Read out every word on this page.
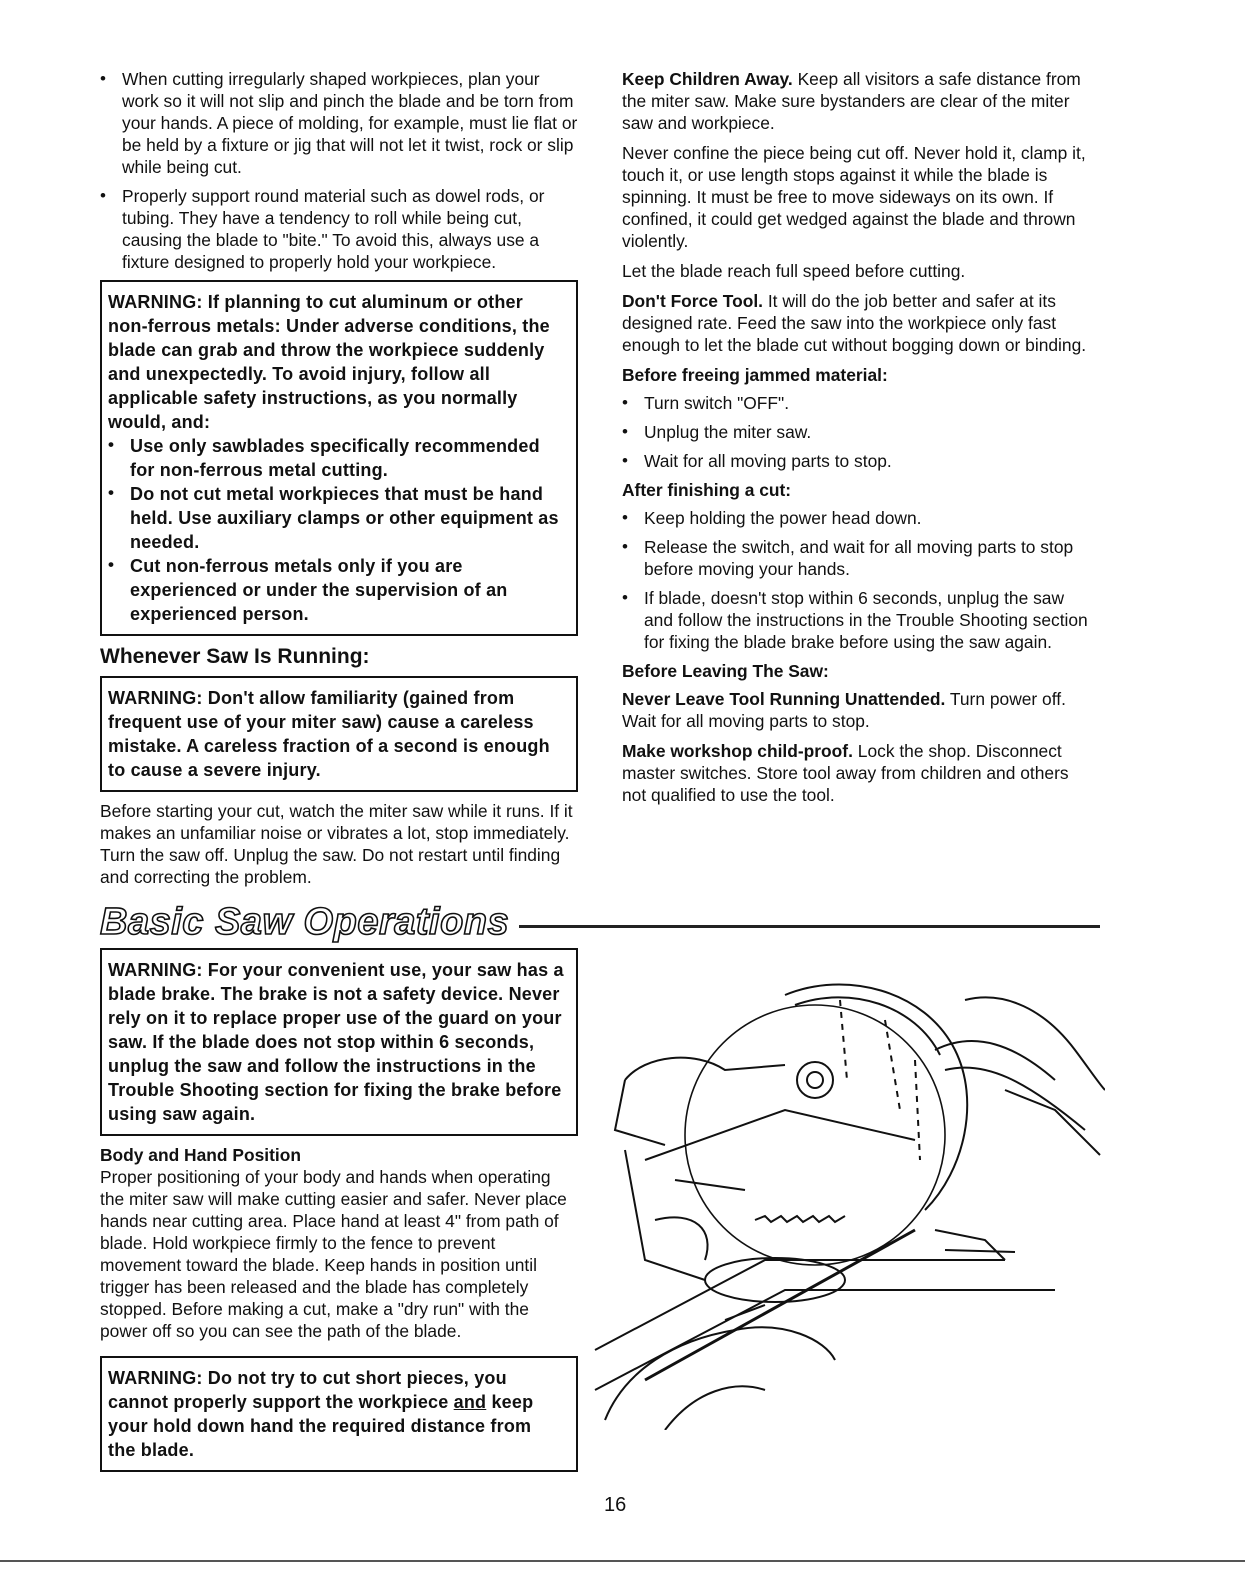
• When cutting irregularly shaped workpieces, plan your work so it will not slip and pinch the blade and be torn from your hands. A piece of molding, for example, must lie flat or be held by a fixture or jig that will not let it twist, rock or slip while being cut.
• Properly support round material such as dowel rods, or tubing. They have a tendency to roll while being cut, causing the blade to "bite." To avoid this, always use a fixture designed to properly hold your workpiece.

WARNING: If planning to cut aluminum or other non-ferrous metals: Under adverse conditions, the blade can grab and throw the workpiece suddenly and unexpectedly. To avoid injury, follow all applicable safety instructions, as you normally would, and:

• Use only sawblades specifically recommended for non-ferrous metal cutting.
• Do not cut metal workpieces that must be hand held. Use auxiliary clamps or other equipment as needed.
• Cut non-ferrous metals only if you are experienced or under the supervision of an experienced person.
Whenever Saw Is Running:

WARNING: Don't allow familiarity (gained from frequent use of your miter saw) cause a careless mistake. A careless fraction of a second is enough to cause a severe injury.

Before starting your cut, watch the miter saw while it runs. If it makes an unfamiliar noise or vibrates a lot, stop immediately. Turn the saw off. Unplug the saw. Do not restart until finding and correcting the problem.

Keep Children Away. Keep all visitors a safe distance from the miter saw. Make sure bystanders are clear of the miter saw and workpiece.

Never confine the piece being cut off. Never hold it, clamp it, touch it, or use length stops against it while the blade is spinning. It must be free to move sideways on its own. If confined, it could get wedged against the blade and thrown violently.

Let the blade reach full speed before cutting.

Don't Force Tool. It will do the job better and safer at its designed rate. Feed the saw into the workpiece only fast enough to let the blade cut without bogging down or binding.

Before freeing jammed material:
• Turn switch "OFF".
• Unplug the miter saw.
• Wait for all moving parts to stop.
After finishing a cut:
• Keep holding the power head down.
• Release the switch, and wait for all moving parts to stop before moving your hands.
• If blade, doesn't stop within 6 seconds, unplug the saw and follow the instructions in the Trouble Shooting section for fixing the blade brake before using the saw again.
Before Leaving The Saw:

Never Leave Tool Running Unattended. Turn power off. Wait for all moving parts to stop.

Make workshop child-proof. Lock the shop. Disconnect master switches. Store tool away from children and others not qualified to use the tool.

Basic Saw Operations

WARNING: For your convenient use, your saw has a blade brake. The brake is not a safety device. Never rely on it to replace proper use of the guard on your saw. If the blade does not stop within 6 seconds, unplug the saw and follow the instructions in the Trouble Shooting section for fixing the brake before using saw again.

Body and Hand Position

Proper positioning of your body and hands when operating the miter saw will make cutting easier and safer. Never place hands near cutting area. Place hand at least 4" from path of blade. Hold workpiece firmly to the fence to prevent movement toward the blade. Keep hands in position until trigger has been released and the blade has completely stopped. Before making a cut, make a "dry run" with the power off so you can see the path of the blade.

WARNING: Do not try to cut short pieces, you cannot properly support the workpiece and keep your hold down hand the required distance from the blade.

16
